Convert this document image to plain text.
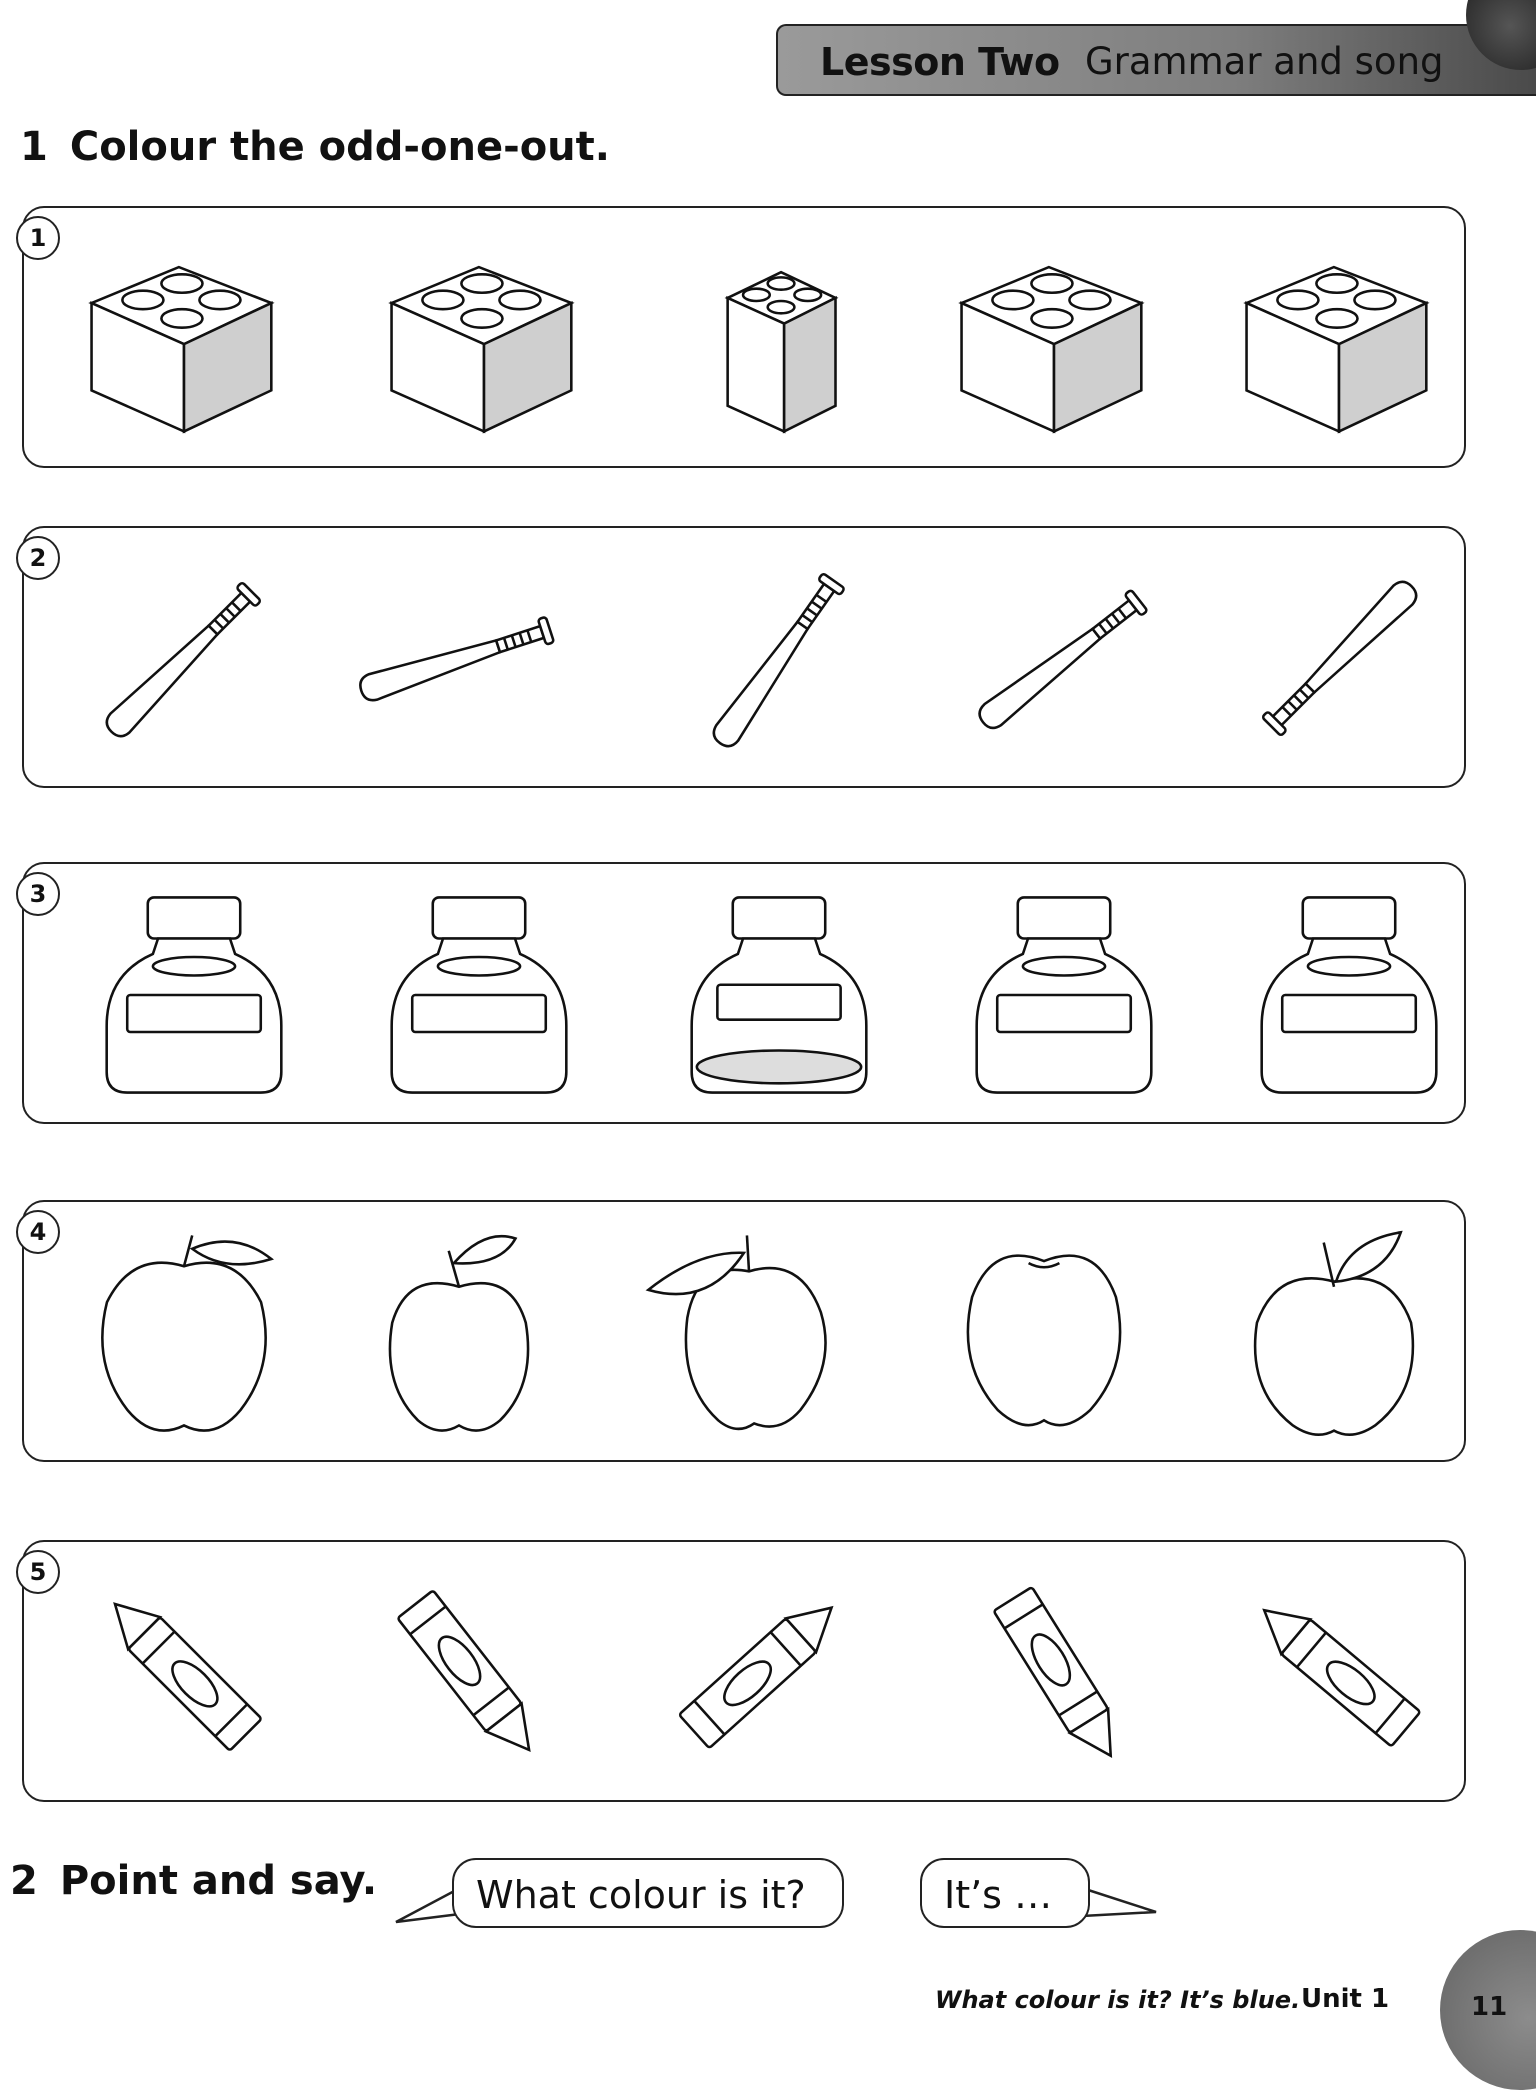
Lesson Two Grammar and song
1 Colour the odd-one-out.
1
2
3
4
5
2 Point and say.	What colour is it?	It’s …
What colour is it? It’s blue. Unit 1	11
